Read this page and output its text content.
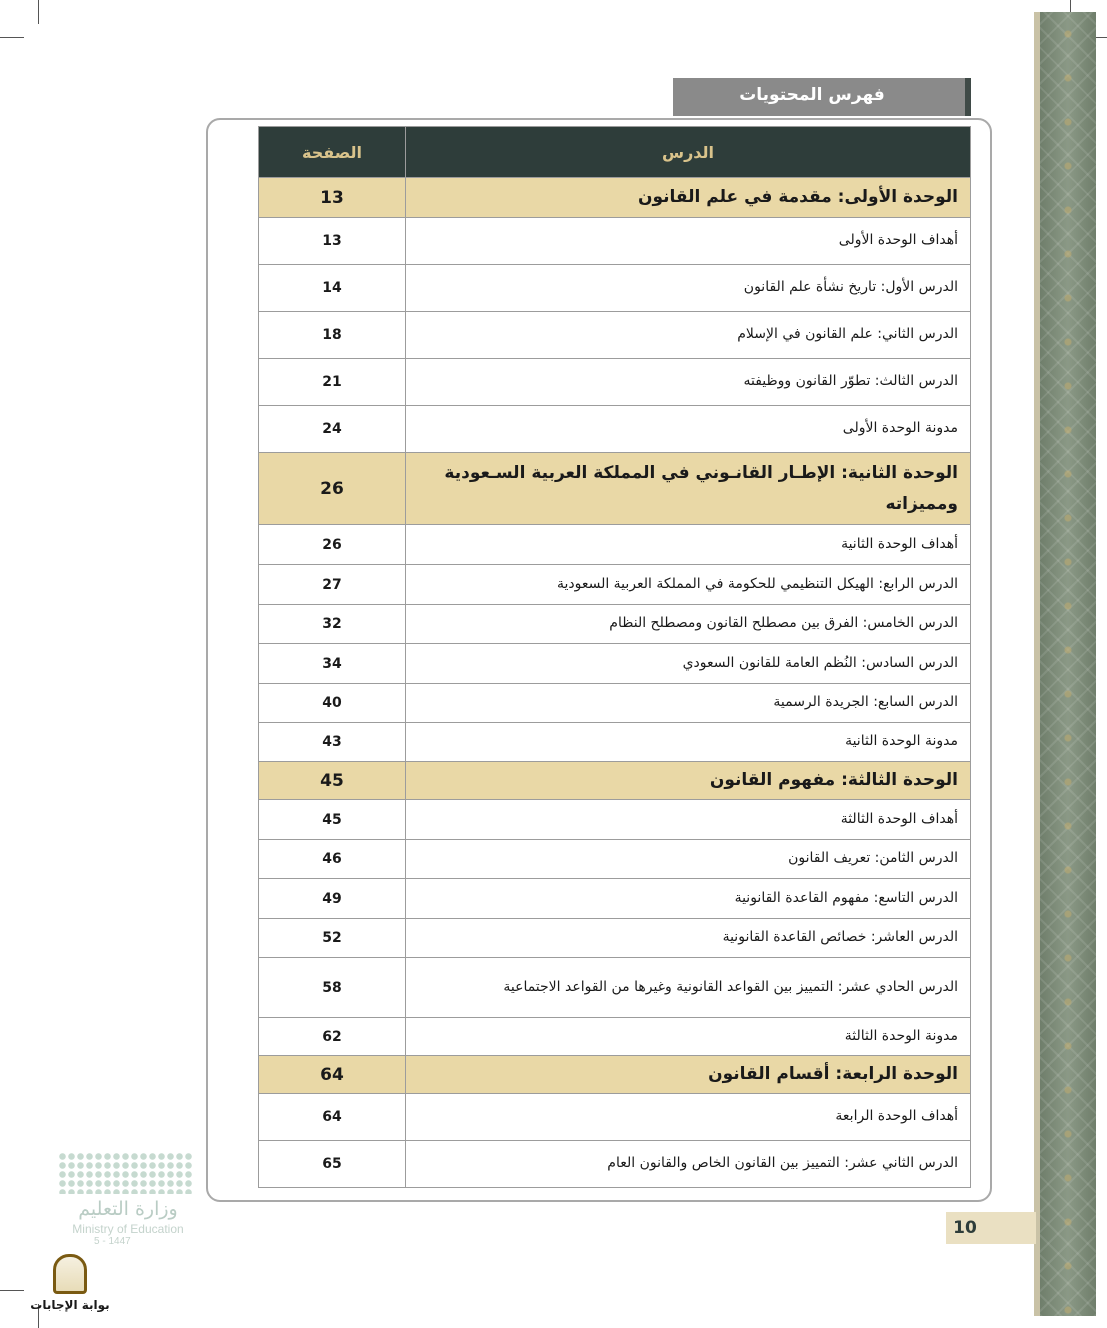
فهرس المحتويات
الصفحة	الدرس
13	الوحدة الأولى: مقدمة في علم القانون
13	أهداف الوحدة الأولى
14	الدرس الأول: تاريخ نشأة علم القانون
18	الدرس الثاني: علم القانون في الإسلام
21	الدرس الثالث: تطوّر القانون ووظيفته
24	مدونة الوحدة الأولى
26	الوحدة الثانية: الإطـار القانـوني في المملكة العربية السـعودية ومميزاته
26	أهداف الوحدة الثانية
27	الدرس الرابع: الهيكل التنظيمي للحكومة في المملكة العربية السعودية
32	الدرس الخامس: الفرق بين مصطلح القانون ومصطلح النظام
34	الدرس السادس: النُظم العامة للقانون السعودي
40	الدرس السابع: الجريدة الرسمية
43	مدونة الوحدة الثانية
45	الوحدة الثالثة: مفهوم القانون
45	أهداف الوحدة الثالثة
46	الدرس الثامن: تعريف القانون
49	الدرس التاسع: مفهوم القاعدة القانونية
52	الدرس العاشر: خصائص القاعدة القانونية
58	الدرس الحادي عشر: التمييز بين القواعد القانونية وغيرها من القواعد الاجتماعية
62	مدونة الوحدة الثالثة
64	الوحدة الرابعة: أقسام القانون
64	أهداف الوحدة الرابعة
65	الدرس الثاني عشر: التمييز بين القانون الخاص والقانون العام
10
وزارة التعليم
Ministry of Education
5 - 1447
بوابة الإجابات
